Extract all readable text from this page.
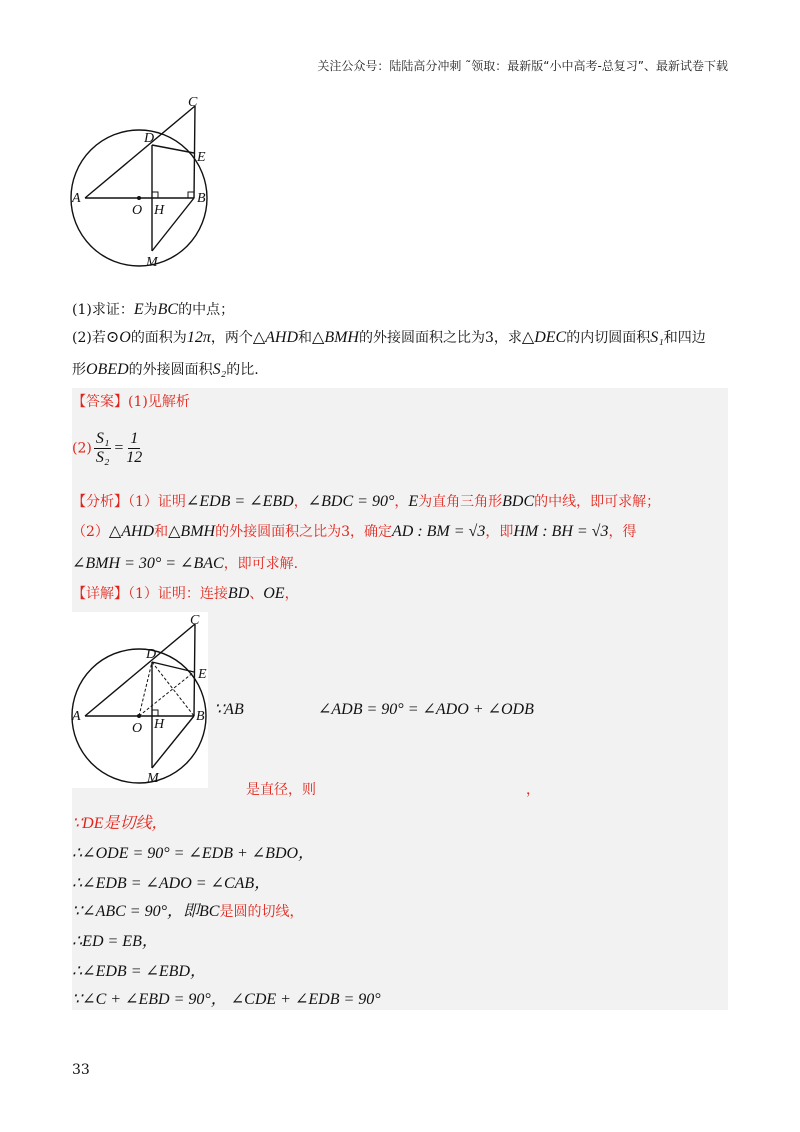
关注公众号：陆陆高分冲刺 ˜领取：最新版“小中高考-总复习”、最新试卷下载
C
D
E
A
O H
B
M
(1)求证：E为BC的中点；
(2)若⊙O的面积为12π，两个△AHD和△BMH的外接圆面积之比为3，求△DEC的内切圆面积S₁和四边
形OBED的外接圆面积S₂的比.
【答案】(1)见解析
$(2) \frac{\text{S₁}}{\text{S₂}} = \frac{1}{12}$
【分析】（1）证明∠EDB = ∠EBD，∠BDC = 90°，E为直角三角形BDC的中线，即可求解；
（2）△AHD和△BMH的外接圆面积之比为3，确定AD : BM = √3，即HM : BH = √3，得
∠BMH = 30° = ∠BAC，即可求解.
【详解】（1）证明：连接BD、OE，
C
D
E
A
O H
B
M
∵AB	∠ADB = 90° = ∠ADO + ∠ODB
是直径，则	，
∵DE是切线，
∴∠ODE = 90° = ∠EDB + ∠BDO，
∴∠EDB = ∠ADO = ∠CAB，
∵∠ABC = 90°，即BC是圆的切线，
∴ED = EB，
∴∠EDB = ∠EBD，
∵∠C + ∠EBD = 90°， ∠CDE + ∠EDB = 90°
33
